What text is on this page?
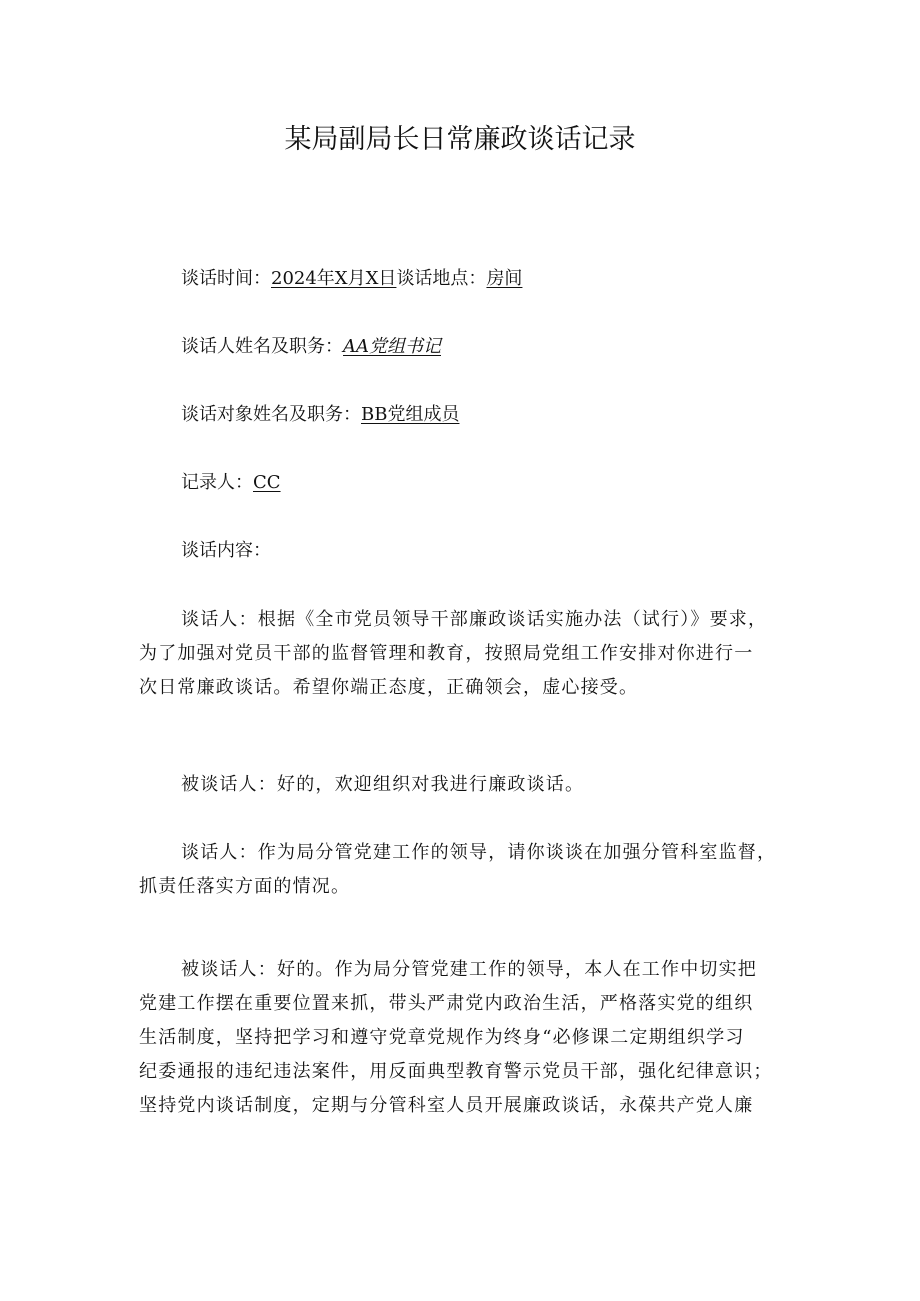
某局副局长日常廉政谈话记录
谈话时间：2024年X月X日谈话地点：房间
谈话人姓名及职务：AA党组书记
谈话对象姓名及职务：BB党组成员
记录人：CC
谈话内容：
谈话人：根据《全市党员领导干部廉政谈话实施办法（试行）》要求，
为了加强对党员干部的监督管理和教育，按照局党组工作安排对你进行一
次日常廉政谈话。希望你端正态度，正确领会，虚心接受。
被谈话人：好的，欢迎组织对我进行廉政谈话。
谈话人：作为局分管党建工作的领导，请你谈谈在加强分管科室监督，
抓责任落实方面的情况。
被谈话人：好的。作为局分管党建工作的领导，本人在工作中切实把
党建工作摆在重要位置来抓，带头严肃党内政治生活，严格落实党的组织
生活制度，坚持把学习和遵守党章党规作为终身“必修课二定期组织学习
纪委通报的违纪违法案件，用反面典型教育警示党员干部，强化纪律意识；
坚持党内谈话制度，定期与分管科室人员开展廉政谈话，永葆共产党人廉
